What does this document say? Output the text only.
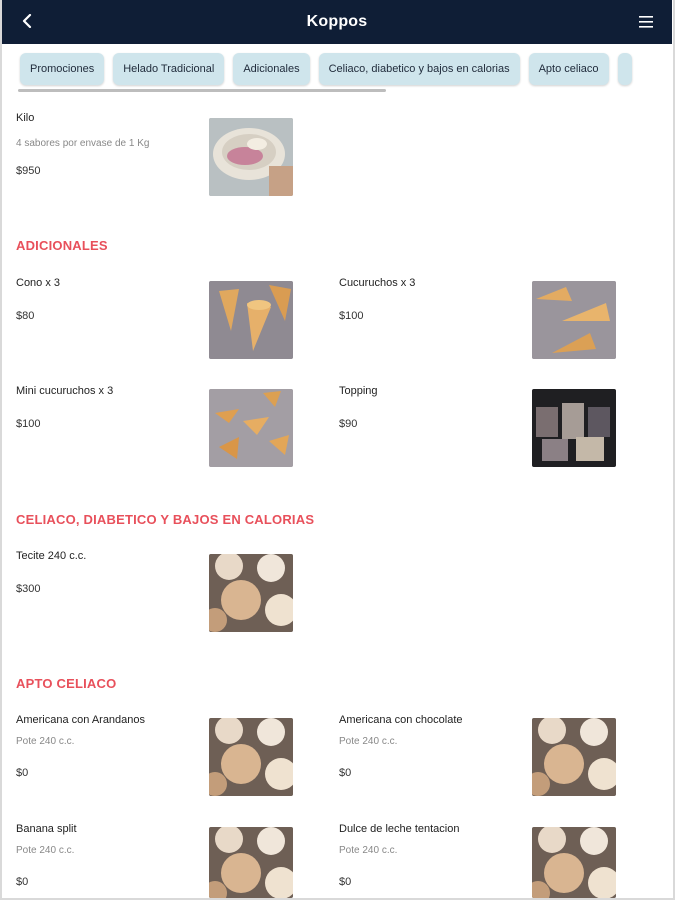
Koppos
Promociones	Helado Tradicional	Adicionales	Celiaco, diabetico y bajos en calorias	Apto celiaco
Kilo
4 sabores por envase de 1 Kg
$950
ADICIONALES
Cono x 3
$80
Cucuruchos x 3
$100
Mini cucuruchos x 3
$100
Topping
$90
CELIACO, DIABETICO Y BAJOS EN CALORIAS
Tecite 240 c.c.
$300
APTO CELIACO
Americana con Arandanos
Pote 240 c.c.
$0
Americana con chocolate
Pote 240 c.c.
$0
Banana split
Pote 240 c.c.
$0
Dulce de leche tentacion
Pote 240 c.c.
$0
